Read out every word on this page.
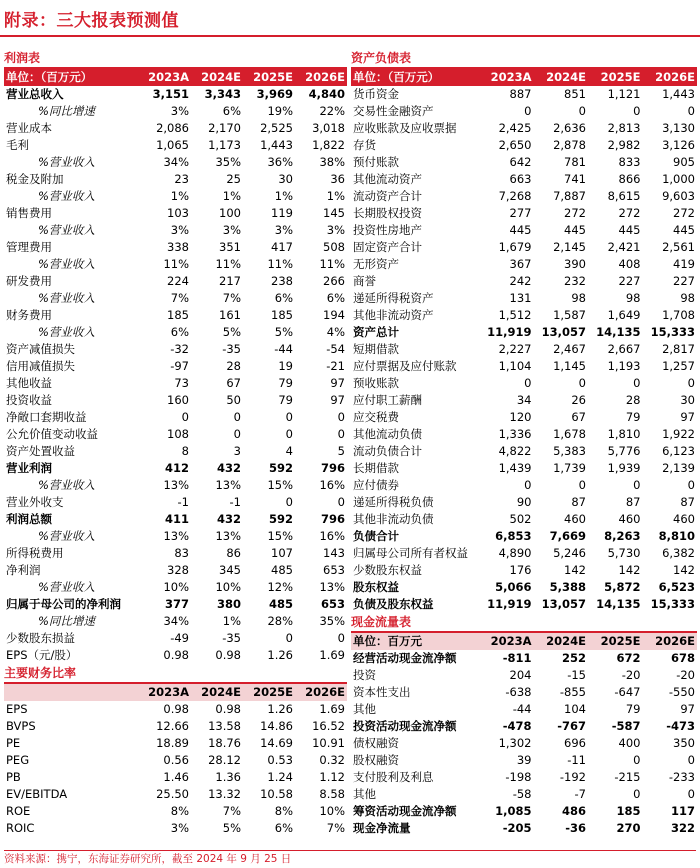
附录：三大报表预测值
利润表
单位：（百万元）	2023A	2024E	2025E	2026E
营业总收入	3,151	3,343	3,969	4,840
%同比增速	3%	6%	19%	22%
营业成本	2,086	2,170	2,525	3,018
毛利	1,065	1,173	1,443	1,822
%营业收入	34%	35%	36%	38%
税金及附加	23	25	30	36
%营业收入	1%	1%	1%	1%
销售费用	103	100	119	145
%营业收入	3%	3%	3%	3%
管理费用	338	351	417	508
%营业收入	11%	11%	11%	11%
研发费用	224	217	238	266
%营业收入	7%	7%	6%	6%
财务费用	185	161	185	194
%营业收入	6%	5%	5%	4%
资产减值损失	-32	-35	-44	-54
信用减值损失	-97	28	19	-21
其他收益	73	67	79	97
投资收益	160	50	79	97
净敞口套期收益	0	0	0	0
公允价值变动收益	108	0	0	0
资产处置收益	8	3	4	5
营业利润	412	432	592	796
%营业收入	13%	13%	15%	16%
营业外收支	-1	-1	0	0
利润总额	411	432	592	796
%营业收入	13%	13%	15%	16%
所得税费用	83	86	107	143
净利润	328	345	485	653
%营业收入	10%	10%	12%	13%
归属于母公司的净利润	377	380	485	653
%同比增速	34%	1%	28%	35%
少数股东损益	-49	-35	0	0
EPS（元/股）	0.98	0.98	1.26	1.69
主要财务比率
	2023A	2024E	2025E	2026E
EPS	0.98	0.98	1.26	1.69
BVPS	12.66	13.58	14.86	16.52
PE	18.89	18.76	14.69	10.91
PEG	0.56	28.12	0.53	0.32
PB	1.46	1.36	1.24	1.12
EV/EBITDA	25.50	13.32	10.58	8.58
ROE	8%	7%	8%	10%
ROIC	3%	5%	6%	7%
资产负债表
单位：（百万元）	2023A	2024E	2025E	2026E
货币资金	887	851	1,121	1,443
交易性金融资产	0	0	0	0
应收账款及应收票据	2,425	2,636	2,813	3,130
存货	2,650	2,878	2,982	3,126
预付账款	642	781	833	905
其他流动资产	663	741	866	1,000
流动资产合计	7,268	7,887	8,615	9,603
长期股权投资	277	272	272	272
投资性房地产	445	445	445	445
固定资产合计	1,679	2,145	2,421	2,561
无形资产	367	390	408	419
商誉	242	232	227	227
递延所得税资产	131	98	98	98
其他非流动资产	1,512	1,587	1,649	1,708
资产总计	11,919	13,057	14,135	15,333
短期借款	2,227	2,467	2,667	2,817
应付票据及应付账款	1,104	1,145	1,193	1,257
预收账款	0	0	0	0
应付职工薪酬	34	26	28	30
应交税费	120	67	79	97
其他流动负债	1,336	1,678	1,810	1,922
流动负债合计	4,822	5,383	5,776	6,123
长期借款	1,439	1,739	1,939	2,139
应付债券	0	0	0	0
递延所得税负债	90	87	87	87
其他非流动负债	502	460	460	460
负债合计	6,853	7,669	8,263	8,810
归属母公司所有者权益	4,890	5,246	5,730	6,382
少数股东权益	176	142	142	142
股东权益	5,066	5,388	5,872	6,523
负债及股东权益	11,919	13,057	14,135	15,333
现金流量表
单位：百万元	2023A	2024E	2025E	2026E
经营活动现金流净额	-811	252	672	678
投资	204	-15	-20	-20
资本性支出	-638	-855	-647	-550
其他	-44	104	79	97
投资活动现金流净额	-478	-767	-587	-473
债权融资	1,302	696	400	350
股权融资	39	-11	0	0
支付股利及利息	-198	-192	-215	-233
其他	-58	-7	0	0
筹资活动现金流净额	1,085	486	185	117
现金净流量	-205	-36	270	322
资料来源：携宁，东海证券研究所，截至 2024 年 9 月 25 日
